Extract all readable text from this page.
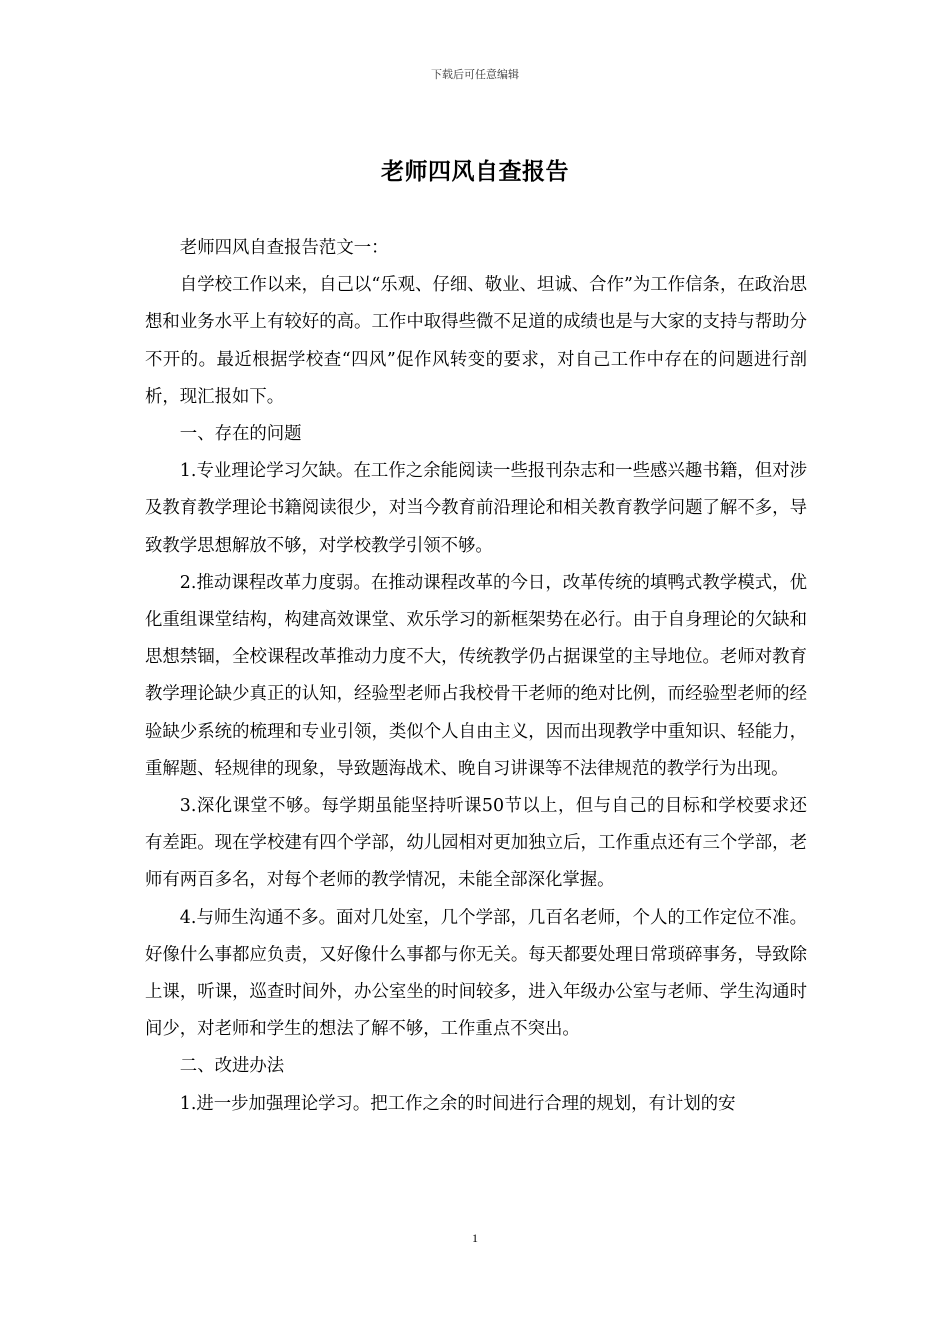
下载后可任意编辑
老师四风自查报告

老师四风自查报告范文一：

自学校工作以来，自己以“乐观、仔细、敬业、坦诚、合作”为工作信条，在政治思想和业务水平上有较好的高。工作中取得些微不足道的成绩也是与大家的支持与帮助分不开的。最近根据学校查“四风”促作风转变的要求，对自己工作中存在的问题进行剖析，现汇报如下。

一、存在的问题

1.专业理论学习欠缺。在工作之余能阅读一些报刊杂志和一些感兴趣书籍，但对涉及教育教学理论书籍阅读很少，对当今教育前沿理论和相关教育教学问题了解不多，导致教学思想解放不够，对学校教学引领不够。

2.推动课程改革力度弱。在推动课程改革的今日，改革传统的填鸭式教学模式，优化重组课堂结构，构建高效课堂、欢乐学习的新框架势在必行。由于自身理论的欠缺和思想禁锢，全校课程改革推动力度不大，传统教学仍占据课堂的主导地位。老师对教育教学理论缺少真正的认知，经验型老师占我校骨干老师的绝对比例，而经验型老师的经验缺少系统的梳理和专业引领，类似个人自由主义，因而出现教学中重知识、轻能力，重解题、轻规律的现象，导致题海战术、晚自习讲课等不法律规范的教学行为出现。

3.深化课堂不够。每学期虽能坚持听课50节以上，但与自己的目标和学校要求还有差距。现在学校建有四个学部，幼儿园相对更加独立后，工作重点还有三个学部，老师有两百多名，对每个老师的教学情况，未能全部深化掌握。

4.与师生沟通不多。面对几处室，几个学部，几百名老师，个人的工作定位不准。好像什么事都应负责，又好像什么事都与你无关。每天都要处理日常琐碎事务，导致除上课，听课，巡查时间外，办公室坐的时间较多，进入年级办公室与老师、学生沟通时间少，对老师和学生的想法了解不够，工作重点不突出。

二、改进办法

1.进一步加强理论学习。把工作之余的时间进行合理的规划，有计划的安

1
